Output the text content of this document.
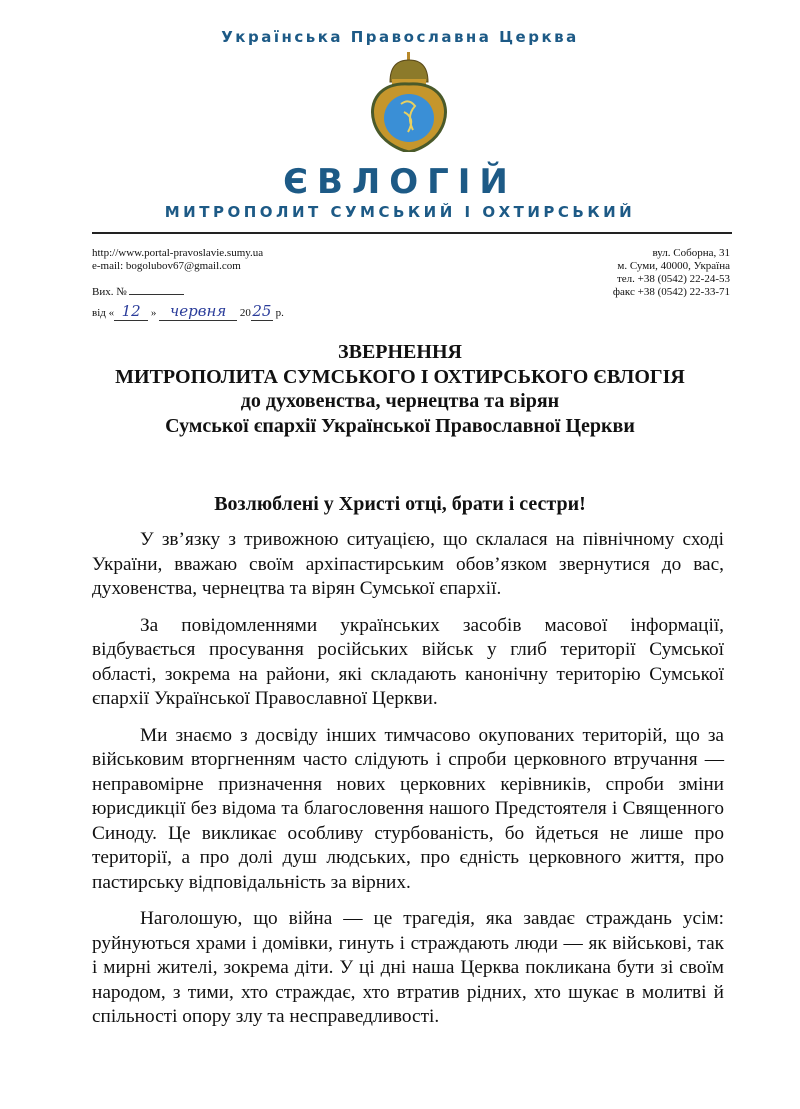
Українська Православна Церква
ЄВЛОГІЙ
МИТРОПОЛИТ СУМСЬКИЙ І ОХТИРСЬКИЙ
http://www.portal-pravoslavie.sumy.ua
e-mail: bogolubov67@gmail.com
вул. Соборна, 31
м. Суми, 40000, Україна
тел. +38 (0542) 22-24-53
факс +38 (0542) 22-33-71
Вих. №
від « 12 » червня 2025 р.
ЗВЕРНЕННЯ
МИТРОПОЛИТА СУМСЬКОГО І ОХТИРСЬКОГО ЄВЛОГІЯ
до духовенства, чернецтва та вірян
Сумської єпархії Української Православної Церкви
Возлюблені у Христі отці, брати і сестри!

У зв’язку з тривожною ситуацією, що склалася на північному сході України, вважаю своїм архіпастирським обов’язком звернутися до вас, духовенства, чернецтва та вірян Сумської єпархії.

За повідомленнями українських засобів масової інформації, відбувається просування російських військ у глиб території Сумської області, зокрема на райони, які складають канонічну територію Сумської єпархії Української Православної Церкви.

Ми знаємо з досвіду інших тимчасово окупованих територій, що за військовим вторгненням часто слідують і спроби церковного втручання — неправомірне призначення нових церковних керівників, спроби зміни юрисдикції без відома та благословення нашого Предстоятеля і Священного Синоду. Це викликає особливу стурбованість, бо йдеться не лише про території, а про долі душ людських, про єдність церковного життя, про пастирську відповідальність за вірних.

Наголошую, що війна — це трагедія, яка завдає страждань усім: руйнуються храми і домівки, гинуть і страждають люди — як військові, так і мирні жителі, зокрема діти. У ці дні наша Церква покликана бути зі своїм народом, з тими, хто страждає, хто втратив рідних, хто шукає в молитві й спільності опору злу та несправедливості.
